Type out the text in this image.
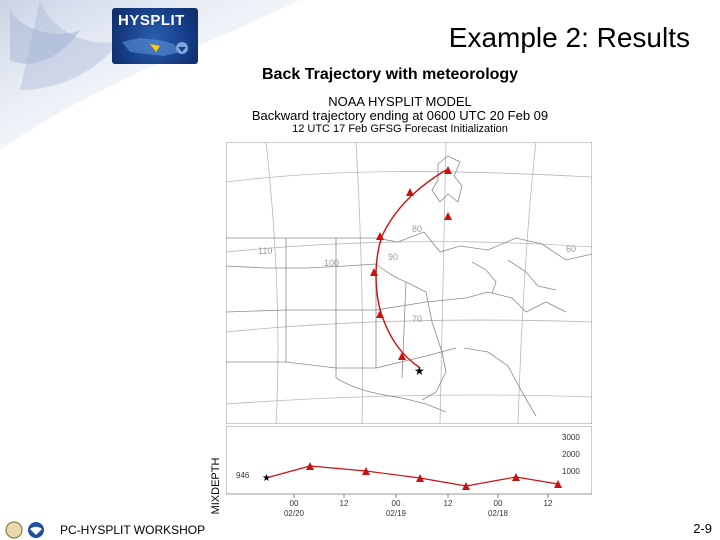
HYSPLIT
Example 2: Results
Back Trajectory with meteorology
NOAA HYSPLIT MODEL
Backward trajectory ending at 0600 UTC 20 Feb 09
12 UTC 17 Feb GFSG Forecast Initialization
MIXDEPTH
110
100
90
80
60
70
★
3000
2000
1000
946 ★
00
02/20
12	00
02/19
12	00
02/18
12
PC-HYSPLIT WORKSHOP	2-9
